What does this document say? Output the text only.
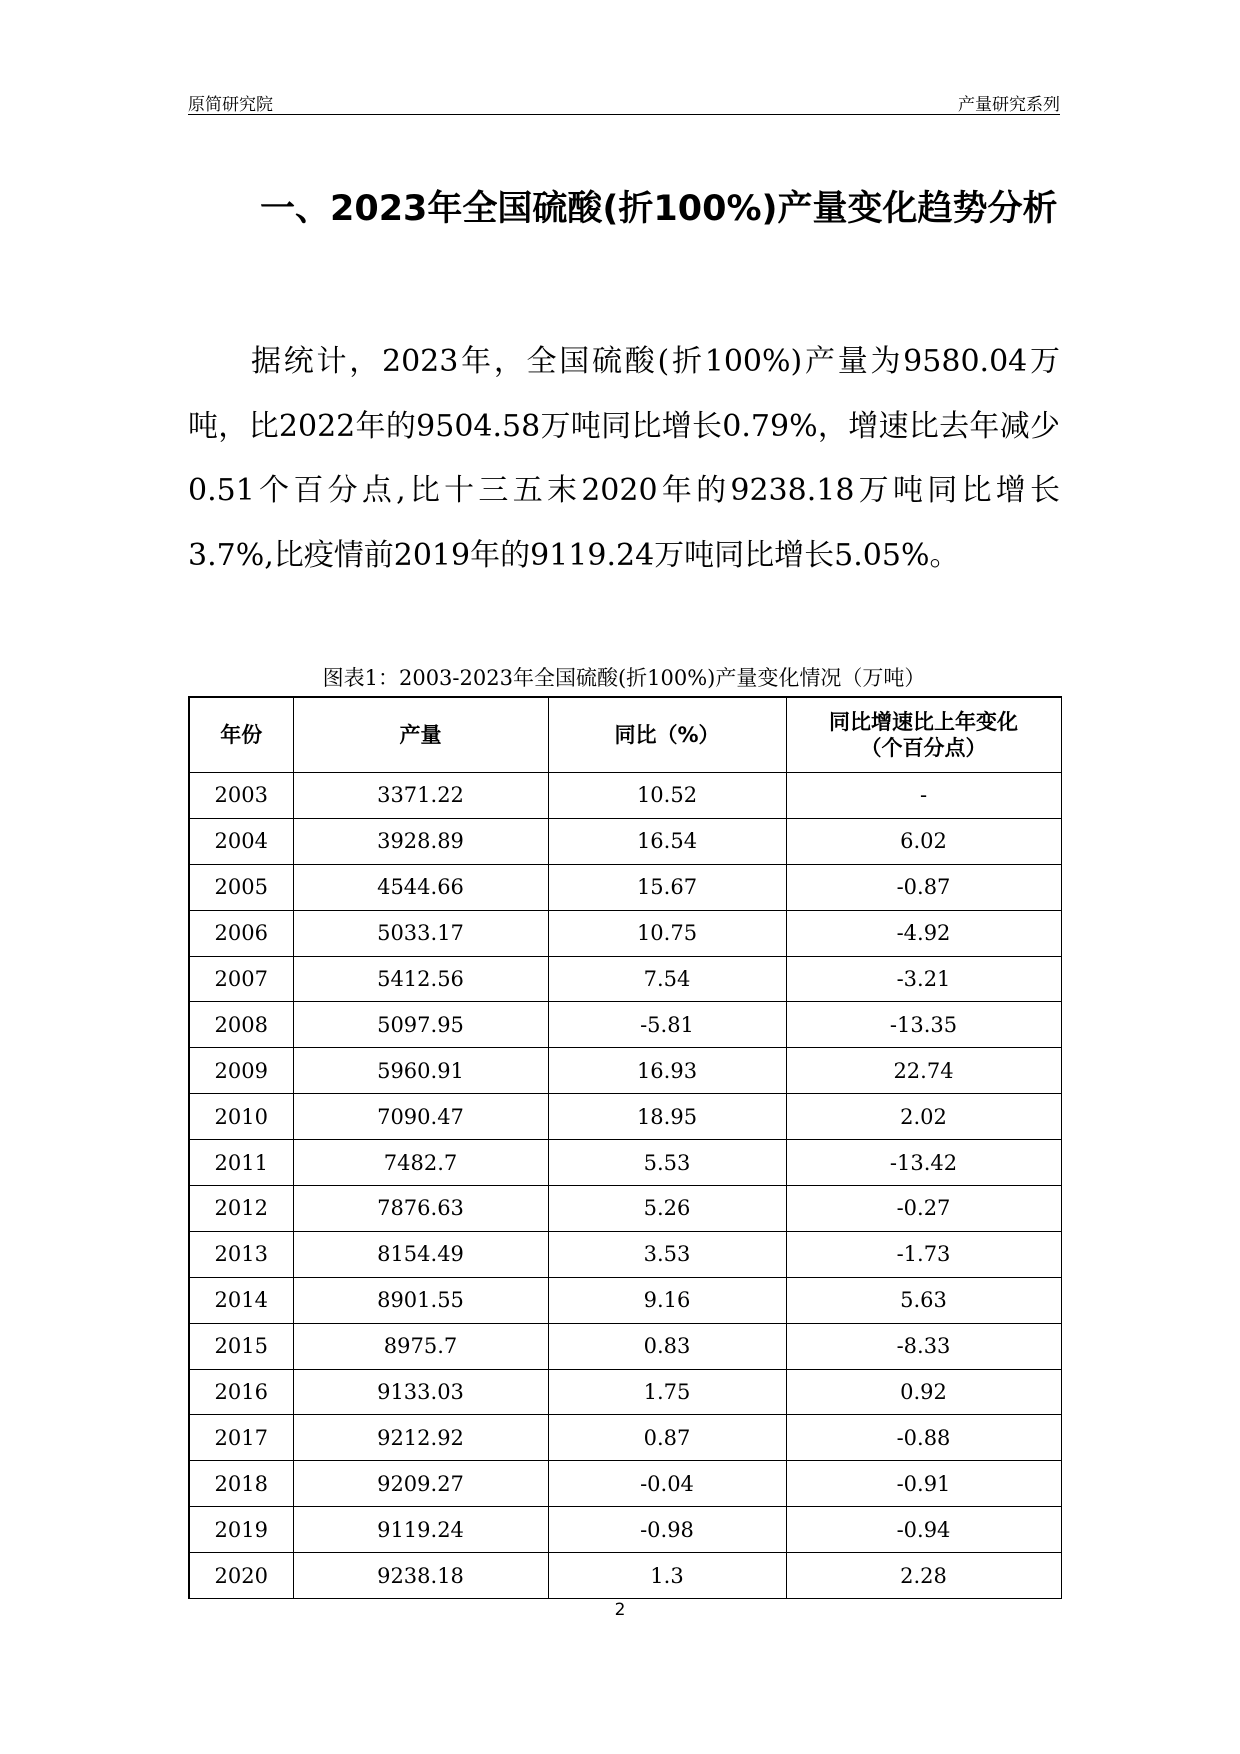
原简研究院	产量研究系列
一、2023年全国硫酸(折100%)产量变化趋势分析

据统计，2023年，全国硫酸(折100%)产量为9580.04万吨，比2022年的9504.58万吨同比增长0.79%，增速比去年减少0.51个百分点,比十三五末2020年的9238.18万吨同比增长3.7%,比疫情前2019年的9119.24万吨同比增长5.05%。

图表1：2003-2023年全国硫酸(折100%)产量变化情况（万吨）
年份	产量	同比（%）	同比增速比上年变化（个百分点）
2003	3371.22	10.52	-
2004	3928.89	16.54	6.02
2005	4544.66	15.67	-0.87
2006	5033.17	10.75	-4.92
2007	5412.56	7.54	-3.21
2008	5097.95	-5.81	-13.35
2009	5960.91	16.93	22.74
2010	7090.47	18.95	2.02
2011	7482.7	5.53	-13.42
2012	7876.63	5.26	-0.27
2013	8154.49	3.53	-1.73
2014	8901.55	9.16	5.63
2015	8975.7	0.83	-8.33
2016	9133.03	1.75	0.92
2017	9212.92	0.87	-0.88
2018	9209.27	-0.04	-0.91
2019	9119.24	-0.98	-0.94
2020	9238.18	1.3	2.28
2
